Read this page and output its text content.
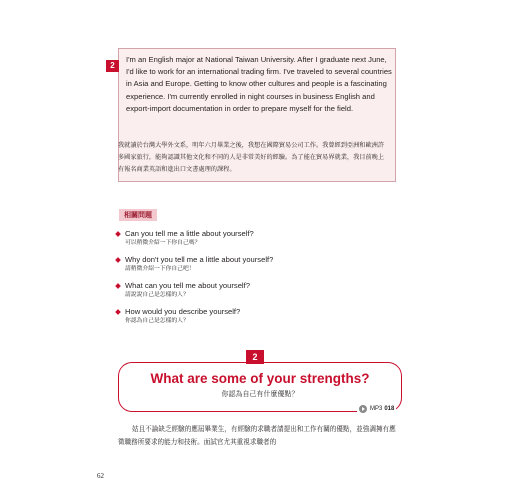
2
I'm an English major at National Taiwan University. After I graduate next June, I'd like to work for an international trading firm. I've traveled to several countries in Asia and Europe. Getting to know other cultures and people is a fascinating experience. I'm currently enrolled in night courses in business English and export-import documentation in order to prepare myself for the field.
我就讀於台灣大學外文系，明年六月畢業之後，我想在國際貿易公司工作。我曾經到亞洲和歐洲許多國家旅行，能夠認識其他文化和不同的人是非常美好的經驗。為了能在貿易界就業，我目前晚上有報名商業英語和進出口文書處理的課程。
相關問題
Can you tell me a little about yourself?
可以稍微介紹一下你自己嗎？
Why don't you tell me a little about yourself?
請稍微介紹一下你自己吧！
What can you tell me about yourself?
請說說自己是怎樣的人？
How would you describe yourself?
你認為自己是怎樣的人？
2
What are some of your strengths?
你認為自己有什麼優點？
MP3 018
姑且不論缺乏經驗的應屆畢業生，有經驗的求職者請提出和工作有關的優點，並強調擁有應徵職務所要求的能力和技術。面試官尤其重視求職者的
62
